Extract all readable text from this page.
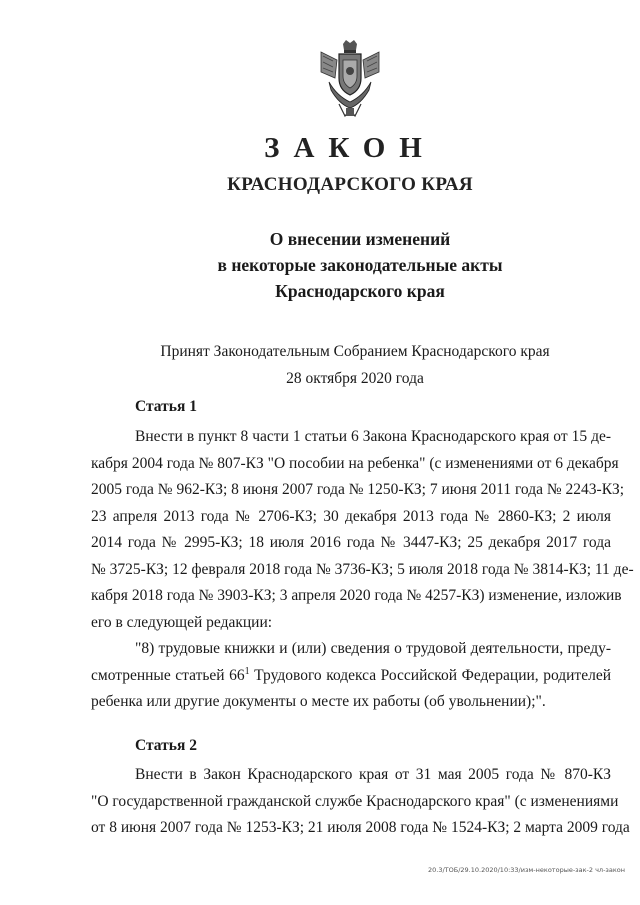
ЗАКОН
КРАСНОДАРСКОГО КРАЯ
О внесении изменений
в некоторые законодательные акты
Краснодарского края
Принят Законодательным Собранием Краснодарского края
28 октября 2020 года
Статья 1
Внести в пункт 8 части 1 статьи 6 Закона Краснодарского края от 15 де-
кабря 2004 года № 807-КЗ "О пособии на ребенка" (с изменениями от 6 декабря
2005 года № 962-КЗ; 8 июня 2007 года № 1250-КЗ; 7 июня 2011 года № 2243-КЗ;
23 апреля 2013 года № 2706-КЗ; 30 декабря 2013 года № 2860-КЗ; 2 июля
2014 года № 2995-КЗ; 18 июля 2016 года № 3447-КЗ; 25 декабря 2017 года
№ 3725-КЗ; 12 февраля 2018 года № 3736-КЗ; 5 июля 2018 года № 3814-КЗ; 11 де-
кабря 2018 года № 3903-КЗ; 3 апреля 2020 года № 4257-КЗ) изменение, изложив
его в следующей редакции:
"8) трудовые книжки и (или) сведения о трудовой деятельности, преду-
смотренные статьей $66^1$ Трудового кодекса Российской Федерации, родителей
ребенка или другие документы о месте их работы (об увольнении);".
Статья 2
Внести в Закон Краснодарского края от 31 мая 2005 года № 870-КЗ
"О государственной гражданской службе Краснодарского края" (с изменениями
от 8 июня 2007 года № 1253-КЗ; 21 июля 2008 года № 1524-КЗ; 2 марта 2009 года
20.3/ТОБ/29.10.2020/10:33/изм-некоторые-зак-2 чл-закон
